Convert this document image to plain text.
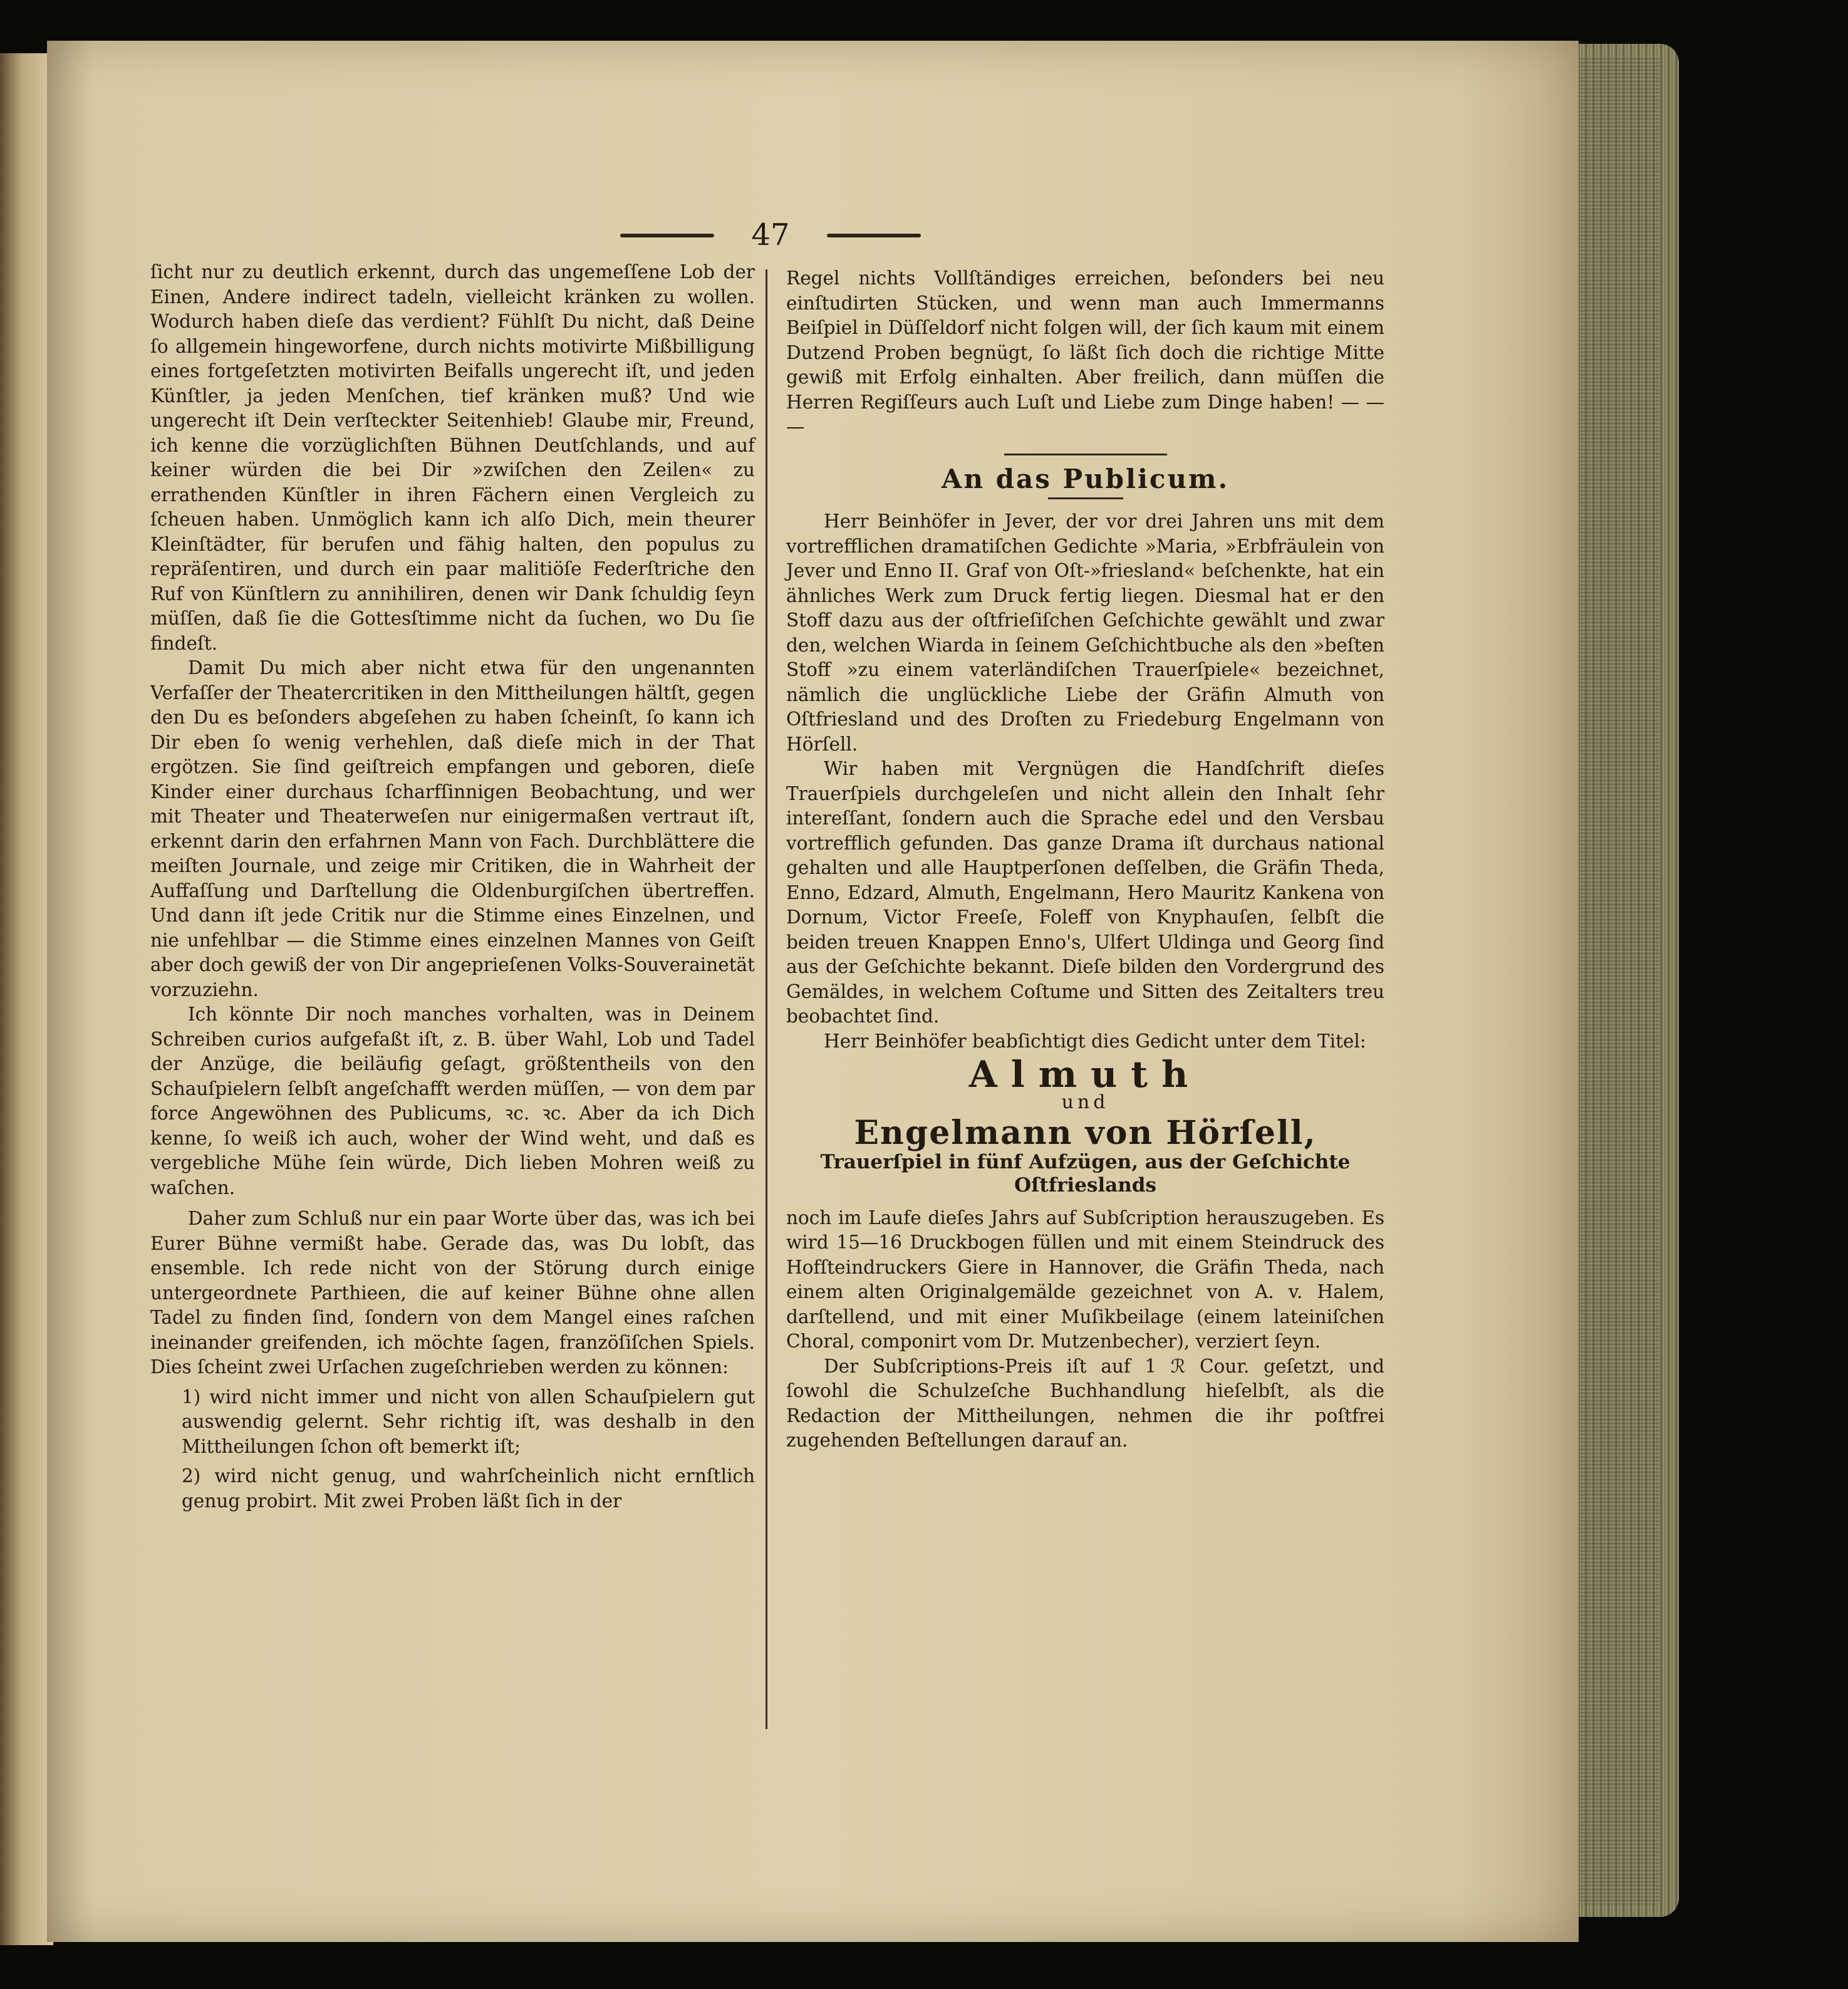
47

ſicht nur zu deutlich erkennt, durch das ungemeſſene Lob der Einen, Andere indirect tadeln, vielleicht kränken zu wollen. Wodurch haben dieſe das verdient? Fühlſt Du nicht, daß Deine ſo allgemein hingeworfene, durch nichts motivirte Mißbilligung eines fortgeſetzten motivirten Beifalls ungerecht iſt, und jeden Künſtler, ja jeden Menſchen, tief kränken muß? Und wie ungerecht iſt Dein verſteckter Seitenhieb! Glaube mir, Freund, ich kenne die vorzüglichſten Bühnen Deutſchlands, und auf keiner würden die bei Dir »zwiſchen den Zeilen« zu errathenden Künſtler in ihren Fächern einen Vergleich zu ſcheuen haben. Unmöglich kann ich alſo Dich, mein theurer Kleinſtädter, für berufen und fähig halten, den populus zu repräſentiren, und durch ein paar malitiöſe Federſtriche den Ruf von Künſtlern zu annihiliren, denen wir Dank ſchuldig ſeyn müſſen, daß ſie die Gottesſtimme nicht da ſuchen, wo Du ſie findeſt.

Damit Du mich aber nicht etwa für den ungenannten Verfaſſer der Theatercritiken in den Mittheilungen hältſt, gegen den Du es beſonders abgeſehen zu haben ſcheinſt, ſo kann ich Dir eben ſo wenig verhehlen, daß dieſe mich in der That ergötzen. Sie ſind geiſtreich empfangen und geboren, dieſe Kinder einer durchaus ſcharfſinnigen Beobachtung, und wer mit Theater und Theaterweſen nur einigermaßen vertraut iſt, erkennt darin den erfahrnen Mann von Fach. Durchblättere die meiſten Journale, und zeige mir Critiken, die in Wahrheit der Auffaſſung und Darſtellung die Oldenburgiſchen übertreffen. Und dann iſt jede Critik nur die Stimme eines Einzelnen, und nie unfehlbar — die Stimme eines einzelnen Mannes von Geiſt aber doch gewiß der von Dir angeprieſenen Volks-Souverainetät vorzuziehn.

Ich könnte Dir noch manches vorhalten, was in Deinem Schreiben curios aufgefaßt iſt, z. B. über Wahl, Lob und Tadel der Anzüge, die beiläufig geſagt, größtentheils von den Schauſpielern ſelbſt angeſchafft werden müſſen, — von dem par force Angewöhnen des Publicums, ꝛc. ꝛc. Aber da ich Dich kenne, ſo weiß ich auch, woher der Wind weht, und daß es vergebliche Mühe ſein würde, Dich lieben Mohren weiß zu waſchen.

Daher zum Schluß nur ein paar Worte über das, was ich bei Eurer Bühne vermißt habe. Gerade das, was Du lobſt, das ensemble. Ich rede nicht von der Störung durch einige untergeordnete Parthieen, die auf keiner Bühne ohne allen Tadel zu finden ſind, ſondern von dem Mangel eines raſchen ineinander greifenden, ich möchte ſagen, franzöſiſchen Spiels. Dies ſcheint zwei Urſachen zugeſchrieben werden zu können:

1) wird nicht immer und nicht von allen Schauſpielern gut auswendig gelernt. Sehr richtig iſt, was deshalb in den Mittheilungen ſchon oft bemerkt iſt;

2) wird nicht genug, und wahrſcheinlich nicht ernſtlich genug probirt. Mit zwei Proben läßt ſich in der

Regel nichts Vollſtändiges erreichen, beſonders bei neu einſtudirten Stücken, und wenn man auch Immermanns Beiſpiel in Düſſeldorf nicht folgen will, der ſich kaum mit einem Dutzend Proben begnügt, ſo läßt ſich doch die richtige Mitte gewiß mit Erfolg einhalten. Aber freilich, dann müſſen die Herren Regiſſeurs auch Luſt und Liebe zum Dinge haben! — — —

An das Publicum.

Herr Beinhöfer in Jever, der vor drei Jahren uns mit dem vortrefflichen dramatiſchen Gedichte »Maria, »Erbfräulein von Jever und Enno II. Graf von Oſt-»friesland« beſchenkte, hat ein ähnliches Werk zum Druck fertig liegen. Diesmal hat er den Stoff dazu aus der oſtfrieſiſchen Geſchichte gewählt und zwar den, welchen Wiarda in ſeinem Geſchichtbuche als den »beſten Stoff »zu einem vaterländiſchen Trauerſpiele« bezeichnet, nämlich die unglückliche Liebe der Gräfin Almuth von Oſtfriesland und des Droſten zu Friedeburg Engelmann von Hörſell.

Wir haben mit Vergnügen die Handſchrift dieſes Trauerſpiels durchgeleſen und nicht allein den Inhalt ſehr intereſſant, ſondern auch die Sprache edel und den Versbau vortrefflich gefunden. Das ganze Drama iſt durchaus national gehalten und alle Hauptperſonen deſſelben, die Gräfin Theda, Enno, Edzard, Almuth, Engelmann, Hero Mauritz Kankena von Dornum, Victor Freeſe, Foleff von Knyphauſen, ſelbſt die beiden treuen Knappen Enno's, Ulfert Uldinga und Georg ſind aus der Geſchichte bekannt. Dieſe bilden den Vordergrund des Gemäldes, in welchem Coſtume und Sitten des Zeitalters treu beobachtet ſind.

Herr Beinhöfer beabſichtigt dies Gedicht unter dem Titel:

Almuth
und
Engelmann von Hörſell,
Trauerſpiel in fünf Aufzügen, aus der Geſchichte Oſtfrieslands

noch im Laufe dieſes Jahrs auf Subſcription herauszugeben. Es wird 15—16 Druckbogen füllen und mit einem Steindruck des Hofſteindruckers Giere in Hannover, die Gräfin Theda, nach einem alten Originalgemälde gezeichnet von A. v. Halem, darſtellend, und mit einer Muſikbeilage (einem lateiniſchen Choral, componirt vom Dr. Mutzenbecher), verziert ſeyn.

Der Subſcriptions-Preis iſt auf 1 ℛ Cour. geſetzt, und ſowohl die Schulzeſche Buchhandlung hieſelbſt, als die Redaction der Mittheilungen, nehmen die ihr poſtfrei zugehenden Beſtellungen darauf an.
